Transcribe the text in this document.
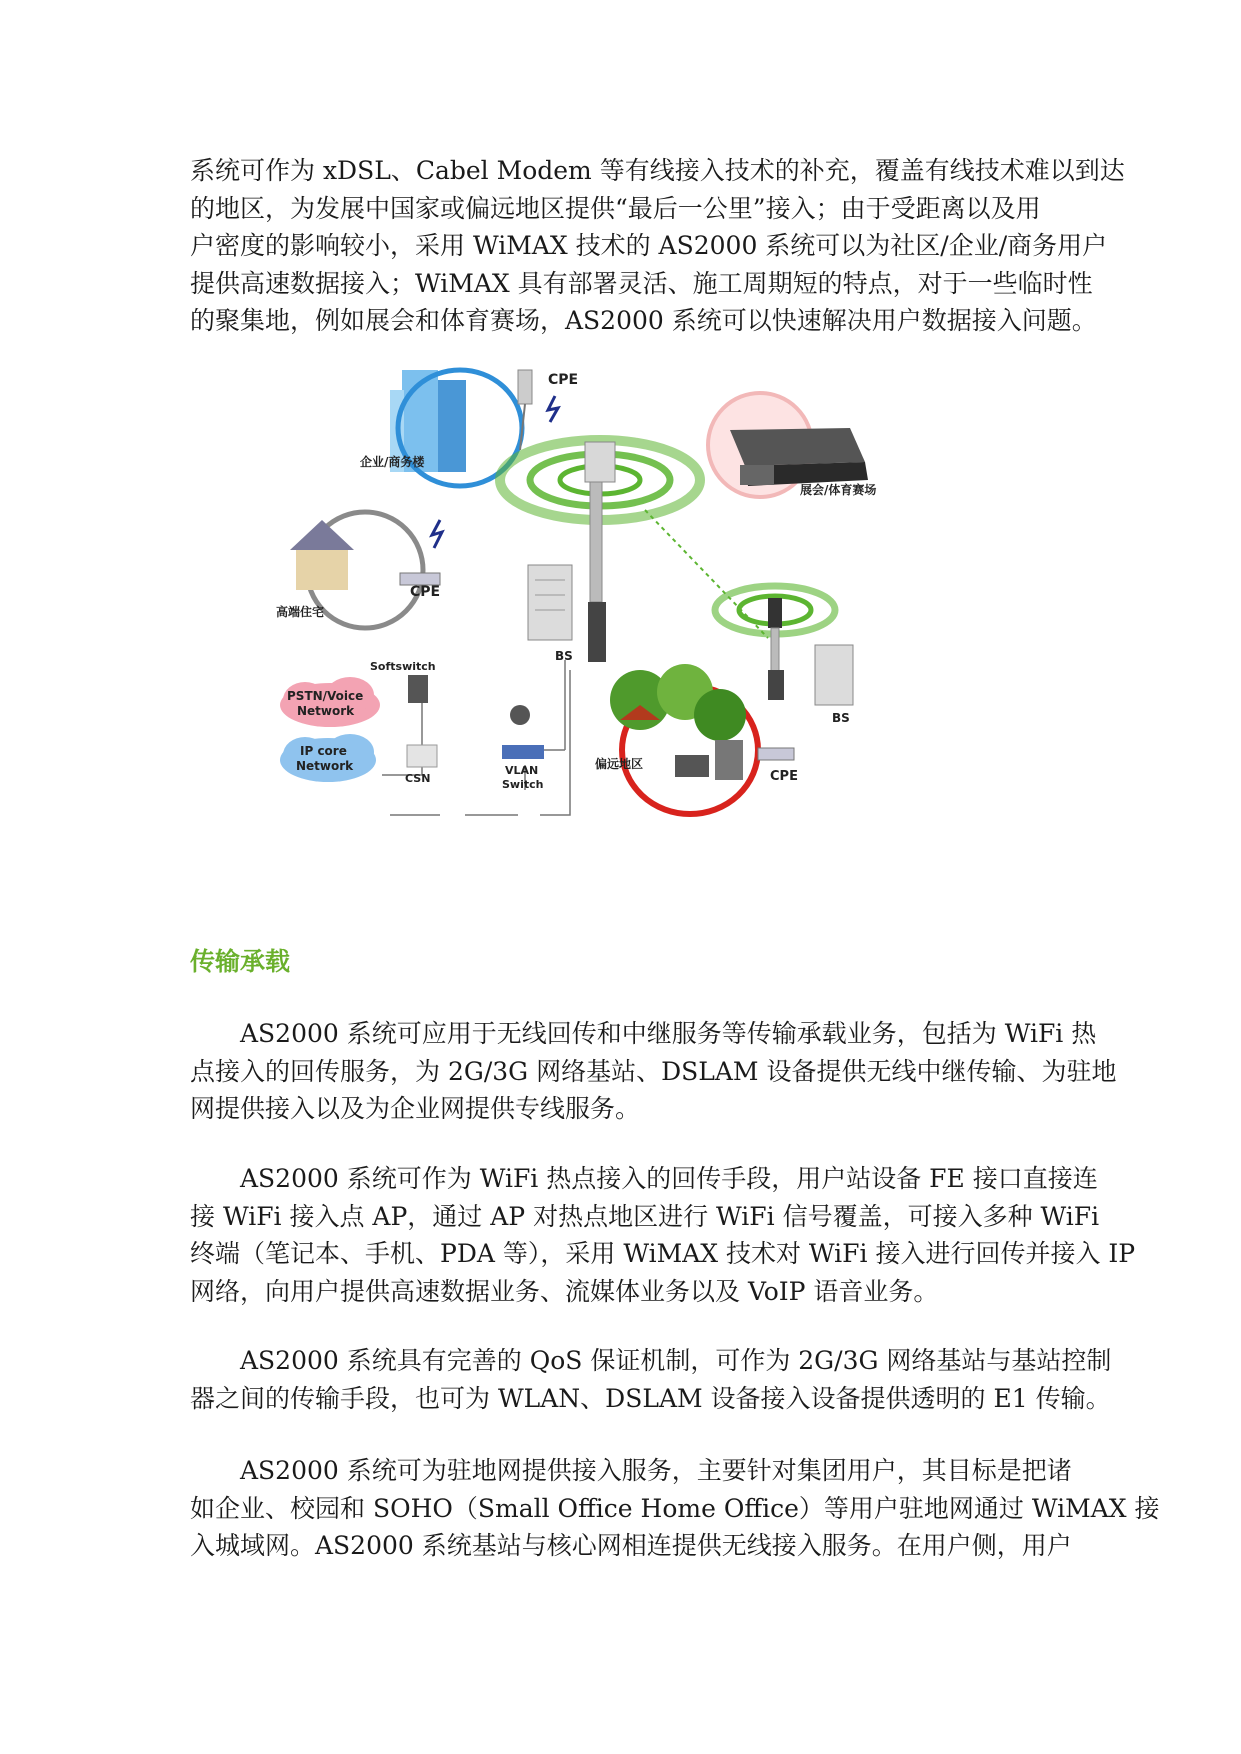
系统可作为 xDSL、Cabel Modem 等有线接入技术的补充，覆盖有线技术难以到达
的地区，为发展中国家或偏远地区提供“最后一公里”接入；由于受距离以及用
户密度的影响较小，采用 WiMAX 技术的 AS2000 系统可以为社区/企业/商务用户
提供高速数据接入；WiMAX 具有部署灵活、施工周期短的特点，对于一些临时性
的聚集地，例如展会和体育赛场，AS2000 系统可以快速解决用户数据接入问题。
CPE
企业/商务楼
展会/体育赛场
CPE
高端住宅
BS
Softswitch
PSTN/Voice
Network
IP core
Network
CSN
VLAN
Switch
BS
偏远地区
CPE
传输承载
　　AS2000 系统可应用于无线回传和中继服务等传输承载业务，包括为 WiFi 热
点接入的回传服务，为 2G/3G 网络基站、DSLAM 设备提供无线中继传输、为驻地
网提供接入以及为企业网提供专线服务。
　　AS2000 系统可作为 WiFi 热点接入的回传手段，用户站设备 FE 接口直接连
接 WiFi 接入点 AP，通过 AP 对热点地区进行 WiFi 信号覆盖，可接入多种 WiFi
终端（笔记本、手机、PDA 等），采用 WiMAX 技术对 WiFi 接入进行回传并接入 IP
网络，向用户提供高速数据业务、流媒体业务以及 VoIP 语音业务。
　　AS2000 系统具有完善的 QoS 保证机制，可作为 2G/3G 网络基站与基站控制
器之间的传输手段，也可为 WLAN、DSLAM 设备接入设备提供透明的 E1 传输。
　　AS2000 系统可为驻地网提供接入服务，主要针对集团用户，其目标是把诸
如企业、校园和 SOHO（Small Office Home Office）等用户驻地网通过 WiMAX 接
入城域网。AS2000 系统基站与核心网相连提供无线接入服务。在用户侧，用户
